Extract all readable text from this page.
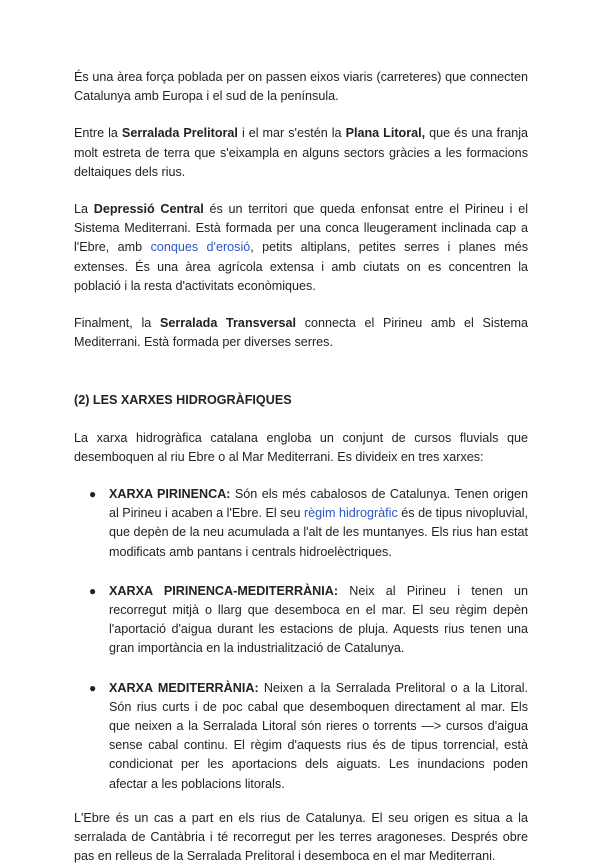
És una àrea força poblada per on passen eixos viaris (carreteres) que connecten Catalunya amb Europa i el sud de la península.

Entre la Serralada Prelitoral i el mar s'estén la Plana Litoral, que és una franja molt estreta de terra que s'eixampla en alguns sectors gràcies a les formacions deltaiques dels rius.

La Depressió Central és un territori que queda enfonsat entre el Pirineu i el Sistema Mediterrani. Està formada per una conca lleugerament inclinada cap a l'Ebre, amb conques d'erosió, petits altiplans, petites serres i planes més extenses. És una àrea agrícola extensa i amb ciutats on es concentren la població i la resta d'activitats econòmiques.

Finalment, la Serralada Transversal connecta el Pirineu amb el Sistema Mediterrani. Està formada per diverses serres.

(2) LES XARXES HIDROGRÀFIQUES

La xarxa hidrogràfica catalana engloba un conjunt de cursos fluvials que desemboquen al riu Ebre o al Mar Mediterrani. Es divideix en tres xarxes:

● XARXA PIRINENCA: Són els més cabalosos de Catalunya. Tenen origen al Pirineu i acaben a l'Ebre. El seu règim hidrogràfic és de tipus nivopluvial, que depèn de la neu acumulada a l'alt de les muntanyes. Els rius han estat modificats amb pantans i centrals hidroelèctriques.
● XARXA PIRINENCA-MEDITERRÀNIA: Neix al Pirineu i tenen un recorregut mitjà o llarg que desemboca en el mar. El seu règim depèn l'aportació d'aigua durant les estacions de pluja. Aquests rius tenen una gran importància en la industrialització de Catalunya.
● XARXA MEDITERRÀNIA: Neixen a la Serralada Prelitoral o a la Litoral. Són rius curts i de poc cabal que desemboquen directament al mar. Els que neixen a la Serralada Litoral són rieres o torrents —> cursos d'aigua sense cabal continu. El règim d'aquests rius és de tipus torrencial, està condicionat per les aportacions dels aiguats. Les inundacions poden afectar a les poblacions litorals.

L'Ebre és un cas a part en els rius de Catalunya. El seu origen es situa a la serralada de Cantàbria i té recorregut per les terres aragoneses. Després obre pas en relleus de la Serralada Prelitoral i desemboca en el mar Mediterrani.
